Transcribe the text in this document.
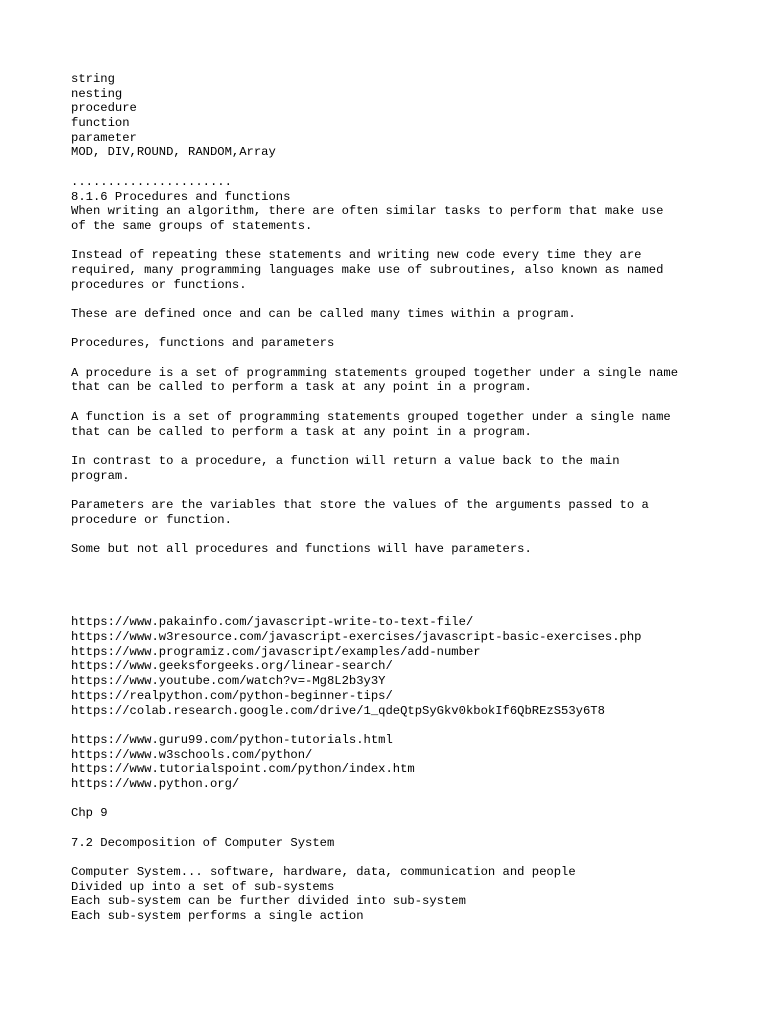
string
nesting
procedure
function
parameter
MOD, DIV,ROUND, RANDOM,Array
......................
8.1.6 Procedures and functions
When writing an algorithm, there are often similar tasks to perform that make use
of the same groups of statements.
Instead of repeating these statements and writing new code every time they are
required, many programming languages make use of subroutines, also known as named
procedures or functions.
These are defined once and can be called many times within a program.
Procedures, functions and parameters
A procedure is a set of programming statements grouped together under a single name
that can be called to perform a task at any point in a program.
A function is a set of programming statements grouped together under a single name
that can be called to perform a task at any point in a program.
In contrast to a procedure, a function will return a value back to the main
program.
Parameters are the variables that store the values of the arguments passed to a
procedure or function.
Some but not all procedures and functions will have parameters.
https://www.pakainfo.com/javascript-write-to-text-file/
https://www.w3resource.com/javascript-exercises/javascript-basic-exercises.php
https://www.programiz.com/javascript/examples/add-number
https://www.geeksforgeeks.org/linear-search/
https://www.youtube.com/watch?v=-Mg8L2b3y3Y
https://realpython.com/python-beginner-tips/
https://colab.research.google.com/drive/1_qdeQtpSyGkv0kbokIf6QbREzS53y6T8
https://www.guru99.com/python-tutorials.html
https://www.w3schools.com/python/
https://www.tutorialspoint.com/python/index.htm
https://www.python.org/
Chp 9
7.2 Decomposition of Computer System
Computer System... software, hardware, data, communication and people
Divided up into a set of sub-systems
Each sub-system can be further divided into sub-system
Each sub-system performs a single action
